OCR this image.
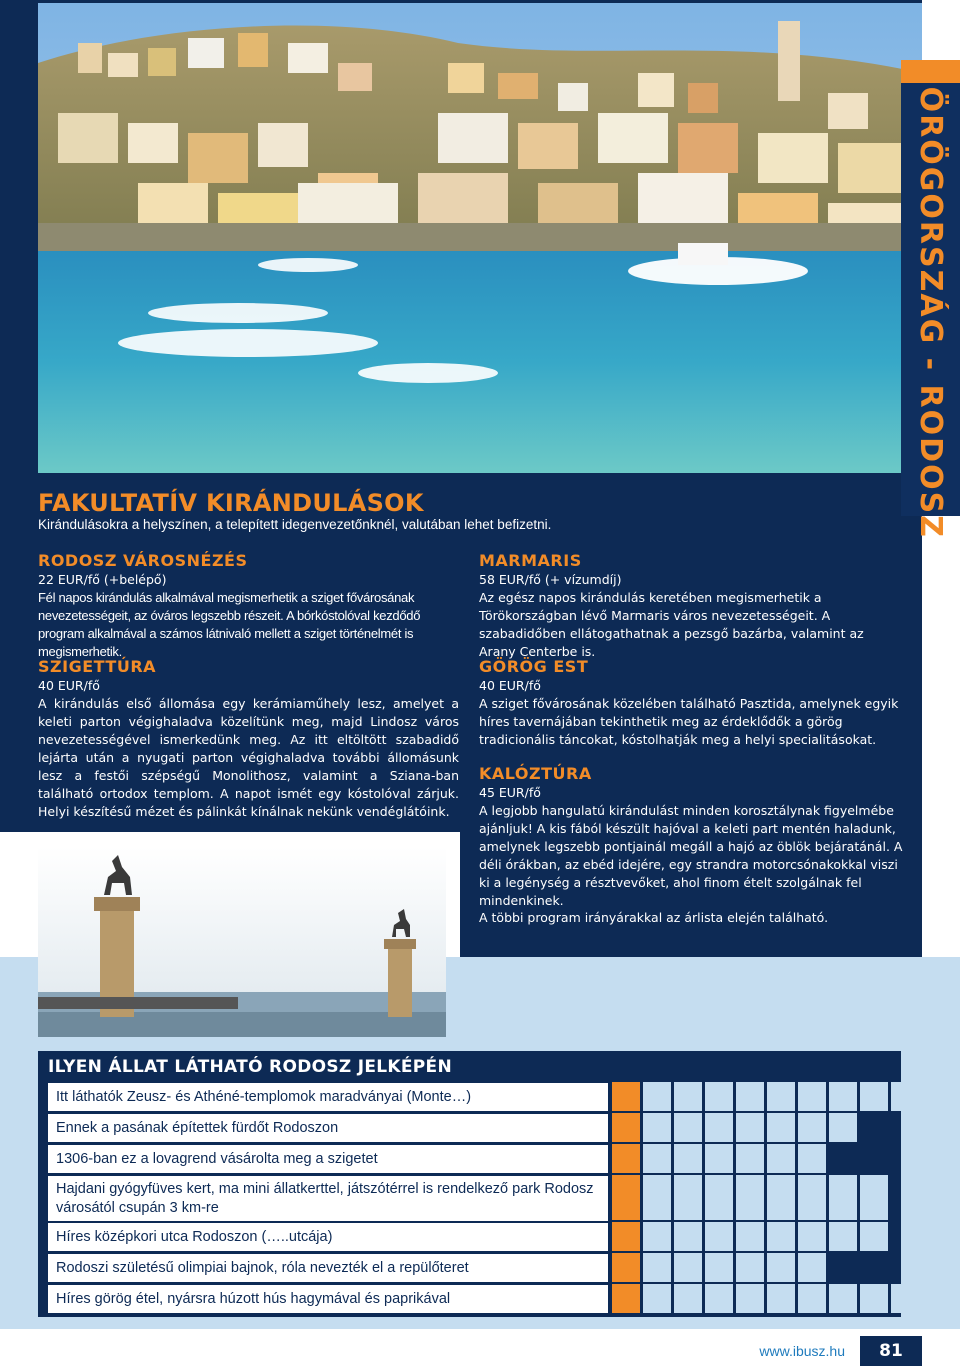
GÖRÖGORSZÁG - RODOSZ
FAKULTATÍV KIRÁNDULÁSOK
Kirándulásokra a helyszínen, a telepített idegenvezetőnknél, valutában lehet befizetni.

RODOSZ VÁROSNÉZÉS

22 EUR/fő (+belépő)

Fél napos kirándulás alkalmával megismerhetik a sziget fővárosának nevezetességeit, az óváros legszebb részeit. A bórkóstolóval kezdődő program alkalmával a számos látnivaló mellett a sziget történelmét is megismerhetik.

SZIGETTÚRA

40 EUR/fő

A kirándulás első állomása egy kerámiaműhely lesz, amelyet a keleti parton végighaladva közelítünk meg, majd Lindosz város nevezetességével ismerkedünk meg. Az itt eltöltött szabadidő lejárta után a nyugati parton végighaladva további állomásunk lesz a festői szépségű Monolithosz, valamint a Sziana-ban található ortodox templom. A napot ismét egy kóstolóval zárjuk. Helyi készítésű mézet és pálinkát kínálnak nekünk vendéglátóink.

MARMARIS

58 EUR/fő (+ vízumdíj)

Az egész napos kirándulás keretében megismerhetik a Törökországban lévő Marmaris város nevezetességeit. A szabadidőben ellátogathatnak a pezsgő bazárba, valamint az Arany Centerbe is.

GÖRÖG EST

40 EUR/fő

A sziget fővárosának közelében található Pasztida, amelynek egyik híres tavernájában tekinthetik meg az érdeklődők a görög tradicionális táncokat, kóstolhatják meg a helyi specialitásokat.

KALÓZTÚRA

45 EUR/fő

A legjobb hangulatú kirándulást minden korosztálynak figyelmébe ajánljuk! A kis fából készült hajóval a keleti part mentén haladunk, amelynek legszebb pontjainál megáll a hajó az öblök bejáratánál. A déli órákban, az ebéd idejére, egy strandra motorcsónakokkal viszi ki a legénység a résztvevőket, ahol finom ételt szolgálnak fel mindenkinek.

A többi program irányárakkal az árlista elején található.
ILYEN ÁLLAT LÁTHATÓ RODOSZ JELKÉPÉN
Itt láthatók Zeusz- és Athéné-templomok maradványai (Monte…)
Ennek a pasának építettek fürdőt Rodoszon
1306-ban ez a lovagrend vásárolta meg a szigetet
Hajdani gyógyfüves kert, ma mini állatkerttel, játszótérrel is rendelkező park Rodosz városától csupán 3 km-re
Híres középkori utca Rodoszon (…..utcája)
Rodoszi születésű olimpiai bajnok, róla nevezték el a repülőteret
Híres görög étel, nyársra húzott hús hagymával és paprikával
www.ibusz.hu	81
